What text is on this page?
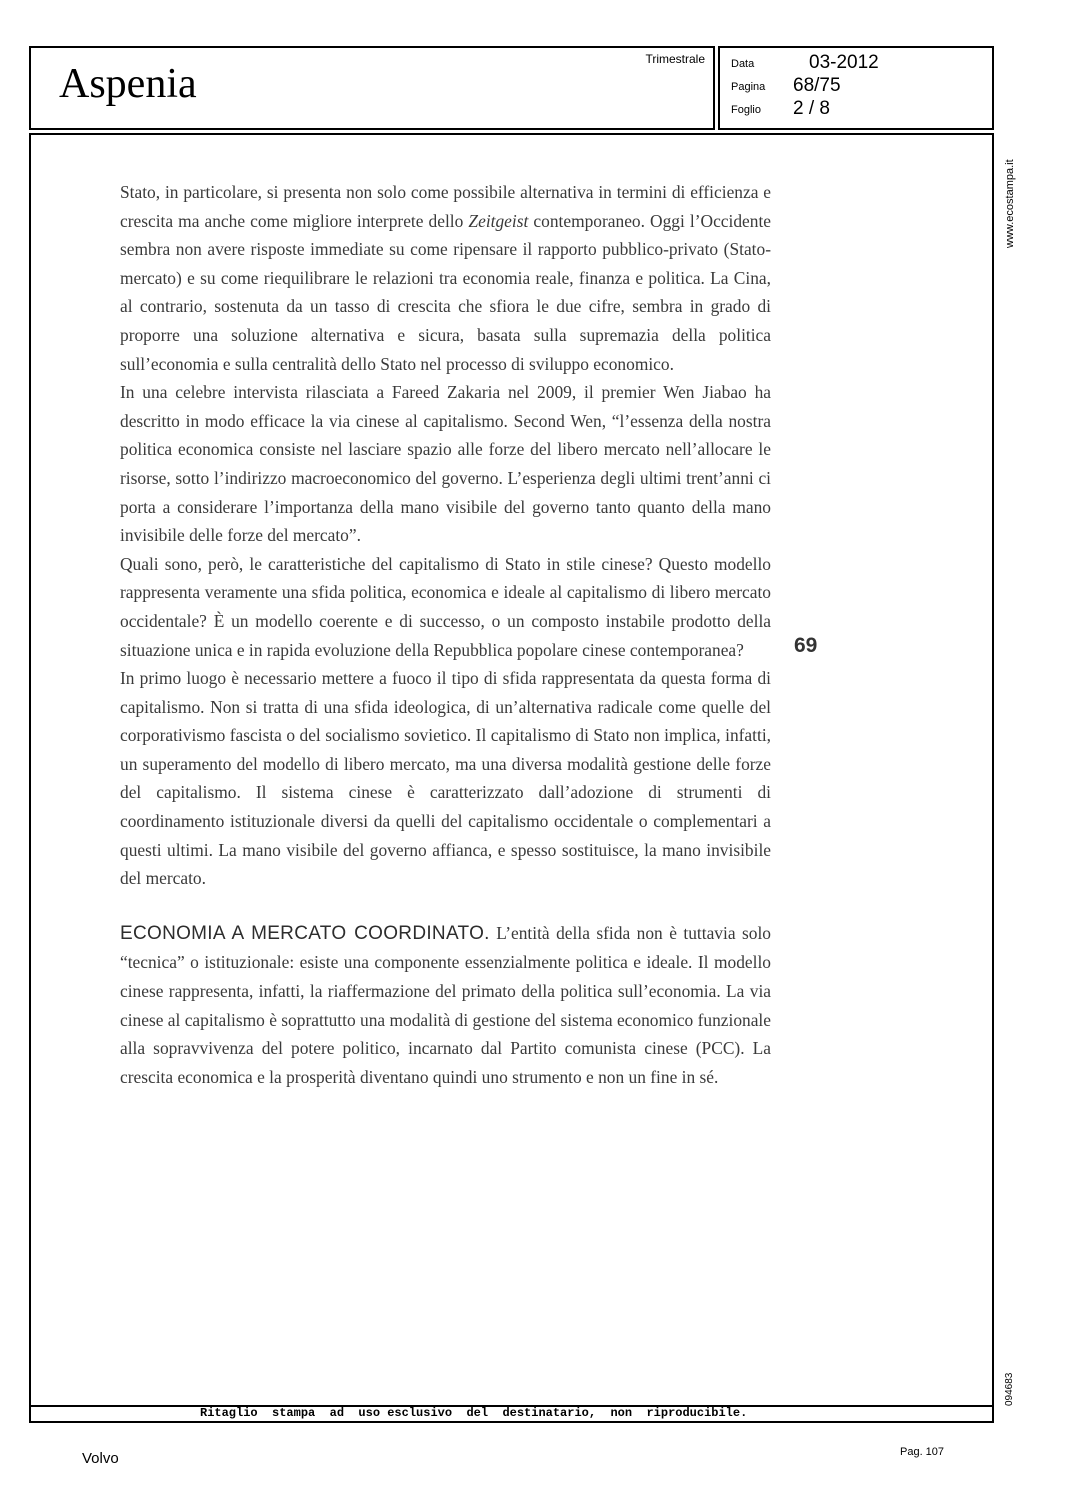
Aspenia
Trimestrale Data	03-2012
Pagina 68/75
Foglio 2 / 8

Stato, in particolare, si presenta non solo come possibile alternativa in termini di efficienza e crescita ma anche come migliore interprete dello Zeitgeist contemporaneo. Oggi l’Occidente sembra non avere risposte immediate su come ripensare il rapporto pubblico-privato (Stato-mercato) e su come riequilibrare le relazioni tra economia reale, finanza e politica. La Cina, al contrario, sostenuta da un tasso di crescita che sfiora le due cifre, sembra in grado di proporre una soluzione alternativa e sicura, basata sulla supremazia della politica sull’economia e sulla centralità dello Stato nel processo di sviluppo economico.

In una celebre intervista rilasciata a Fareed Zakaria nel 2009, il premier Wen Jiabao ha descritto in modo efficace la via cinese al capitalismo. Second Wen, “l’essenza della nostra politica economica consiste nel lasciare spazio alle forze del libero mercato nell’allocare le risorse, sotto l’indirizzo macroeconomico del governo. L’esperienza degli ultimi trent’anni ci porta a considerare l’importanza della mano visibile del governo tanto quanto della mano invisibile delle forze del mercato”.

Quali sono, però, le caratteristiche del capitalismo di Stato in stile cinese? Questo modello rappresenta veramente una sfida politica, economica e ideale al capitalismo di libero mercato occidentale? È un modello coerente e di successo, o un composto instabile prodotto della situazione unica e in rapida evoluzione della Repubblica popolare cinese contemporanea?

In primo luogo è necessario mettere a fuoco il tipo di sfida rappresentata da questa forma di capitalismo. Non si tratta di una sfida ideologica, di un’alternativa radicale come quelle del corporativismo fascista o del socialismo sovietico. Il capitalismo di Stato non implica, infatti, un superamento del modello di libero mercato, ma una diversa modalità gestione delle forze del capitalismo. Il sistema cinese è caratterizzato dall’adozione di strumenti di coordinamento istituzionale diversi da quelli del capitalismo occidentale o complementari a questi ultimi. La mano visibile del governo affianca, e spesso sostituisce, la mano invisibile del mercato.

ECONOMIA A MERCATO COORDINATO. L’entità della sfida non è tuttavia solo “tecnica” o istituzionale: esiste una componente essenzialmente politica e ideale. Il modello cinese rappresenta, infatti, la riaffermazione del primato della politica sull’economia. La via cinese al capitalismo è soprattutto una modalità di gestione del sistema economico funzionale alla sopravvivenza del potere politico, incarnato dal Partito comunista cinese (PCC). La crescita economica e la prosperità diventano quindi uno strumento e non un fine in sé.

69
www.ecostampa.it
094683
Ritaglio  stampa  ad  uso esclusivo  del  destinatario,  non  riproducibile.
Volvo	Pag. 107
